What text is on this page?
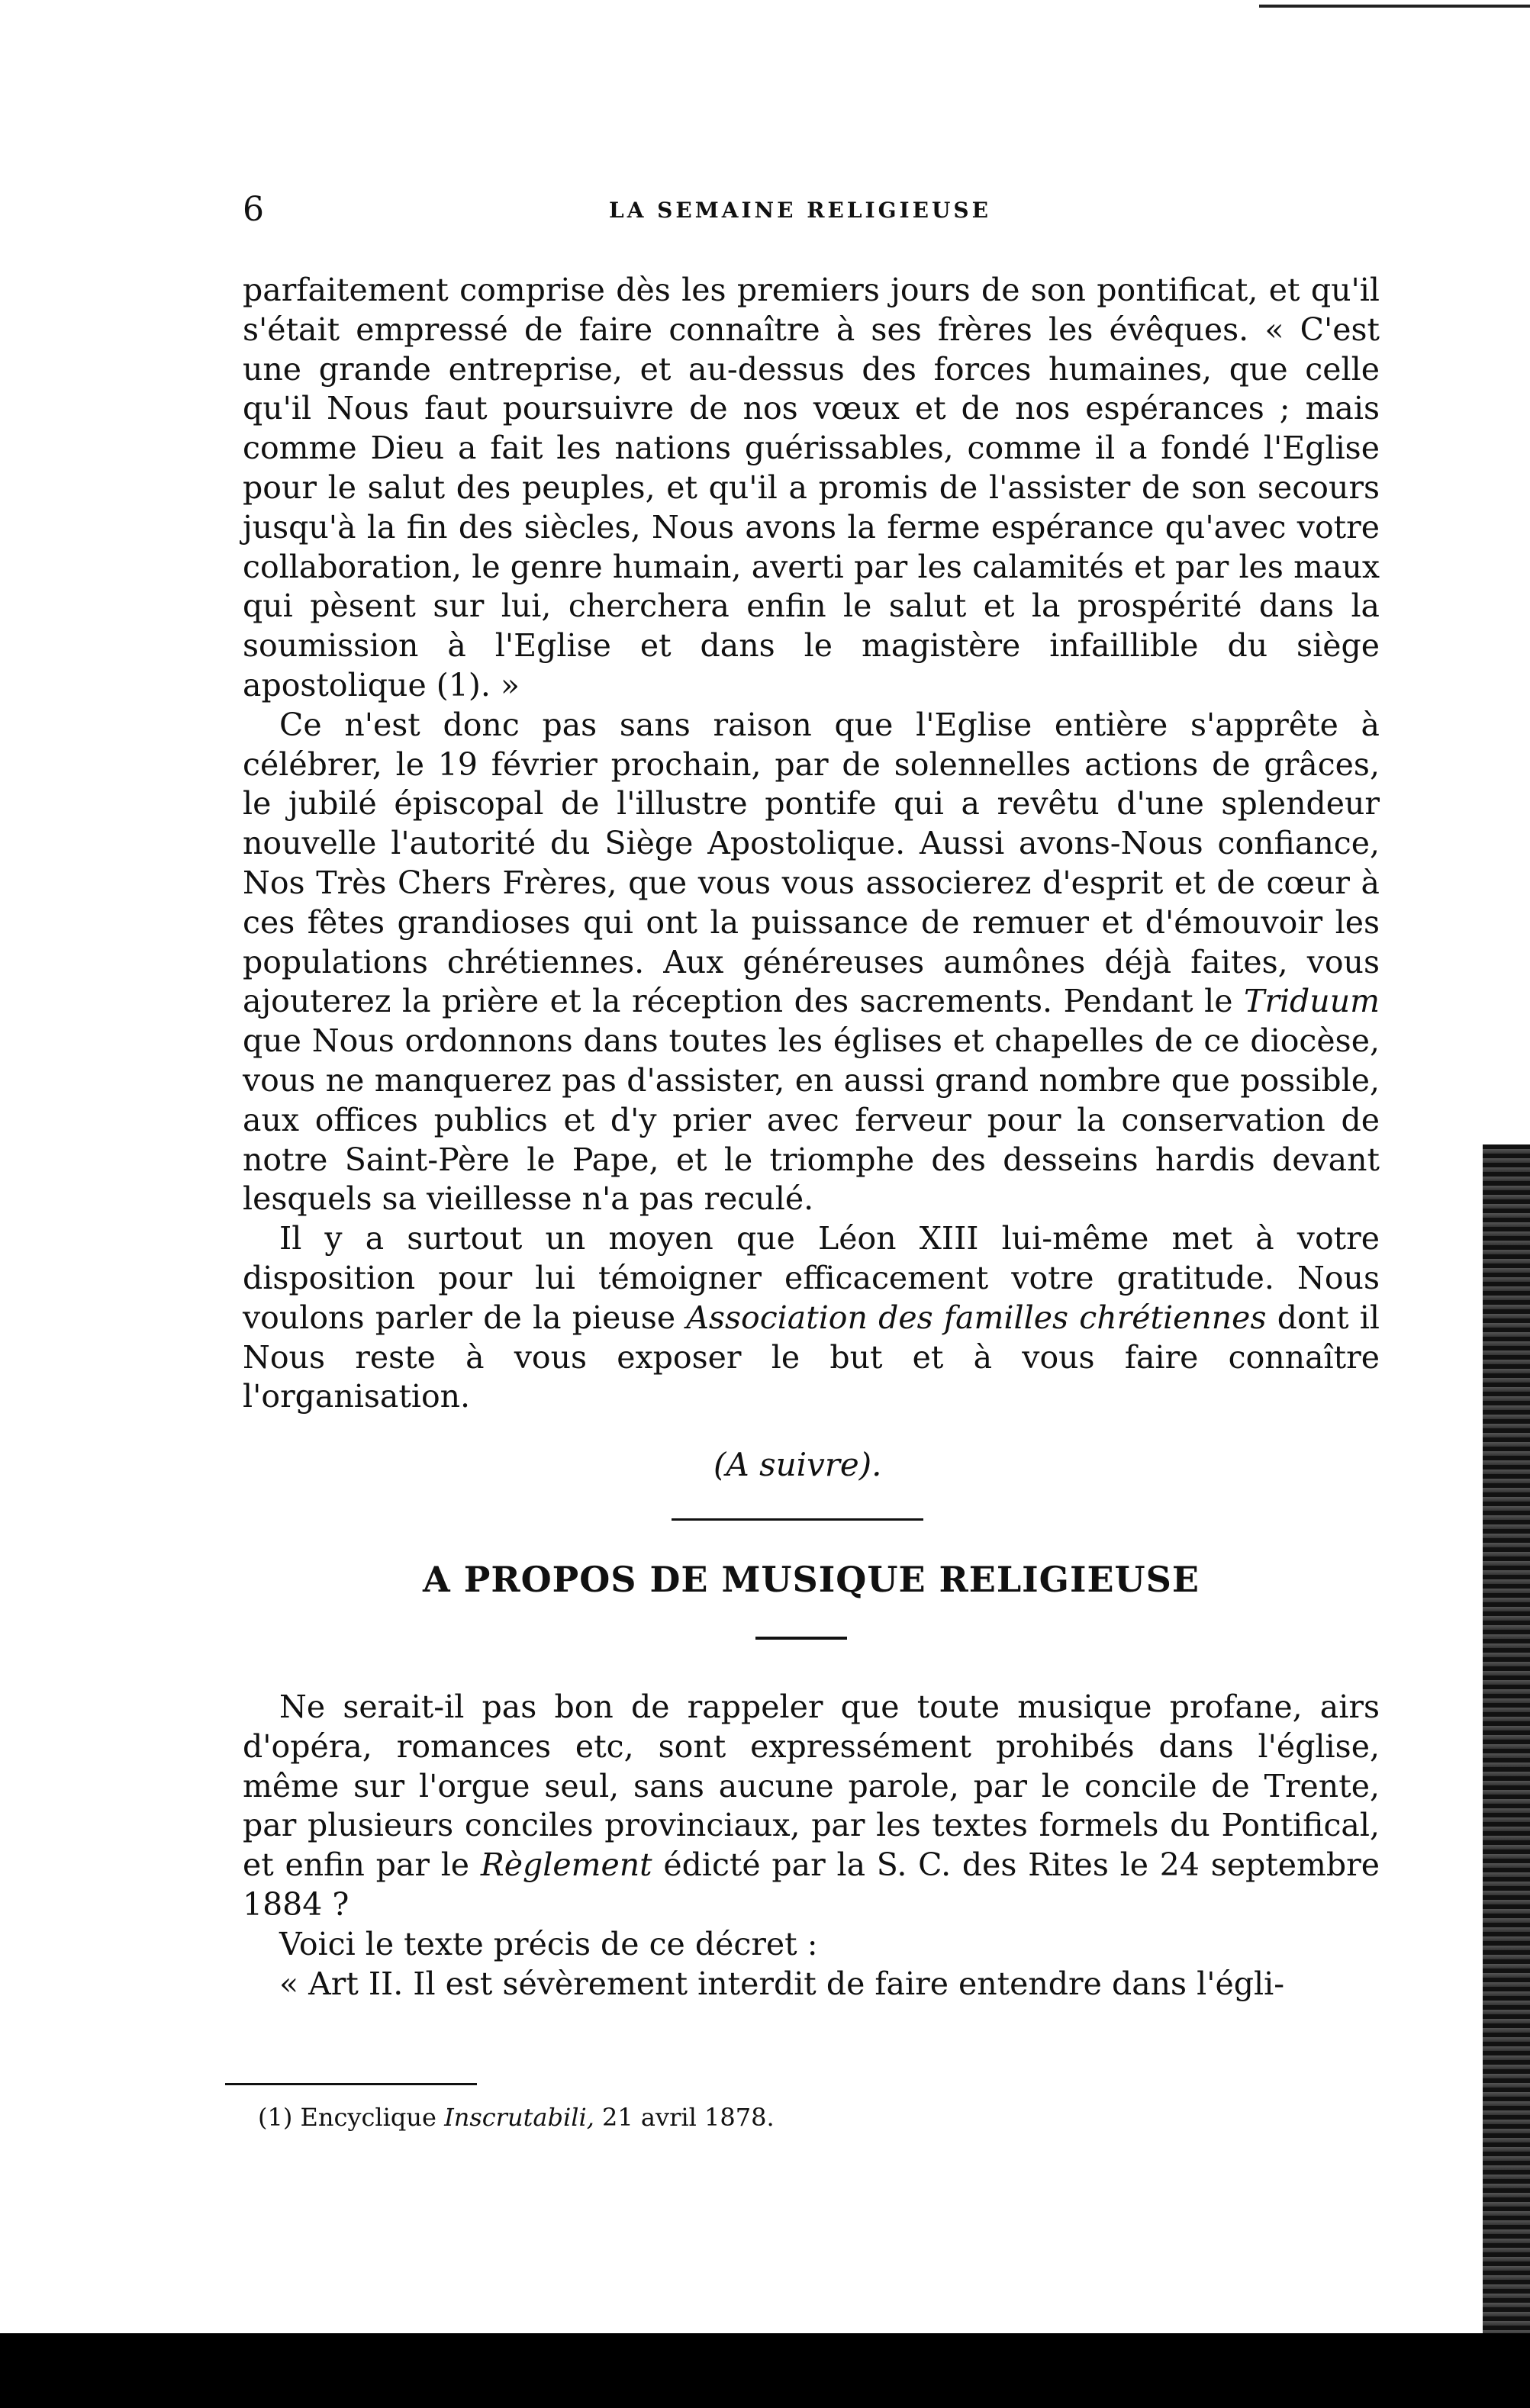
6	LA SEMAINE RELIGIEUSE

parfaitement comprise dès les premiers jours de son pontificat, et qu'il s'était empressé de faire connaître à ses frères les évêques. « C'est une grande entreprise, et au-dessus des forces humaines, que celle qu'il Nous faut poursuivre de nos vœux et de nos espérances ; mais comme Dieu a fait les nations guérissables, comme il a fondé l'Eglise pour le salut des peuples, et qu'il a promis de l'assister de son secours jusqu'à la fin des siècles, Nous avons la ferme espérance qu'avec votre collaboration, le genre humain, averti par les calamités et par les maux qui pèsent sur lui, cherchera enfin le salut et la prospérité dans la soumission à l'Eglise et dans le magistère infaillible du siège apostolique (1). »

Ce n'est donc pas sans raison que l'Eglise entière s'apprête à célébrer, le 19 février prochain, par de solennelles actions de grâces, le jubilé épiscopal de l'illustre pontife qui a revêtu d'une splendeur nouvelle l'autorité du Siège Apostolique. Aussi avons-Nous confiance, Nos Très Chers Frères, que vous vous associerez d'esprit et de cœur à ces fêtes grandioses qui ont la puissance de remuer et d'émouvoir les populations chrétiennes. Aux généreuses aumônes déjà faites, vous ajouterez la prière et la réception des sacrements. Pendant le Triduum que Nous ordonnons dans toutes les églises et chapelles de ce diocèse, vous ne manquerez pas d'assister, en aussi grand nombre que possible, aux offices publics et d'y prier avec ferveur pour la conservation de notre Saint-Père le Pape, et le triomphe des desseins hardis devant lesquels sa vieillesse n'a pas reculé.

Il y a surtout un moyen que Léon XIII lui-même met à votre disposition pour lui témoigner efficacement votre gratitude. Nous voulons parler de la pieuse Association des familles chrétiennes dont il Nous reste à vous exposer le but et à vous faire connaître l'organisation.

(A suivre).
A PROPOS DE MUSIQUE RELIGIEUSE

Ne serait-il pas bon de rappeler que toute musique profane, airs d'opéra, romances etc, sont expressément prohibés dans l'église, même sur l'orgue seul, sans aucune parole, par le concile de Trente, par plusieurs conciles provinciaux, par les textes formels du Pontifical, et enfin par le Règlement édicté par la S. C. des Rites le 24 septembre 1884 ?

Voici le texte précis de ce décret :

« Art II. Il est sévèrement interdit de faire entendre dans l'égli-

(1) Encyclique Inscrutabili, 21 avril 1878.
